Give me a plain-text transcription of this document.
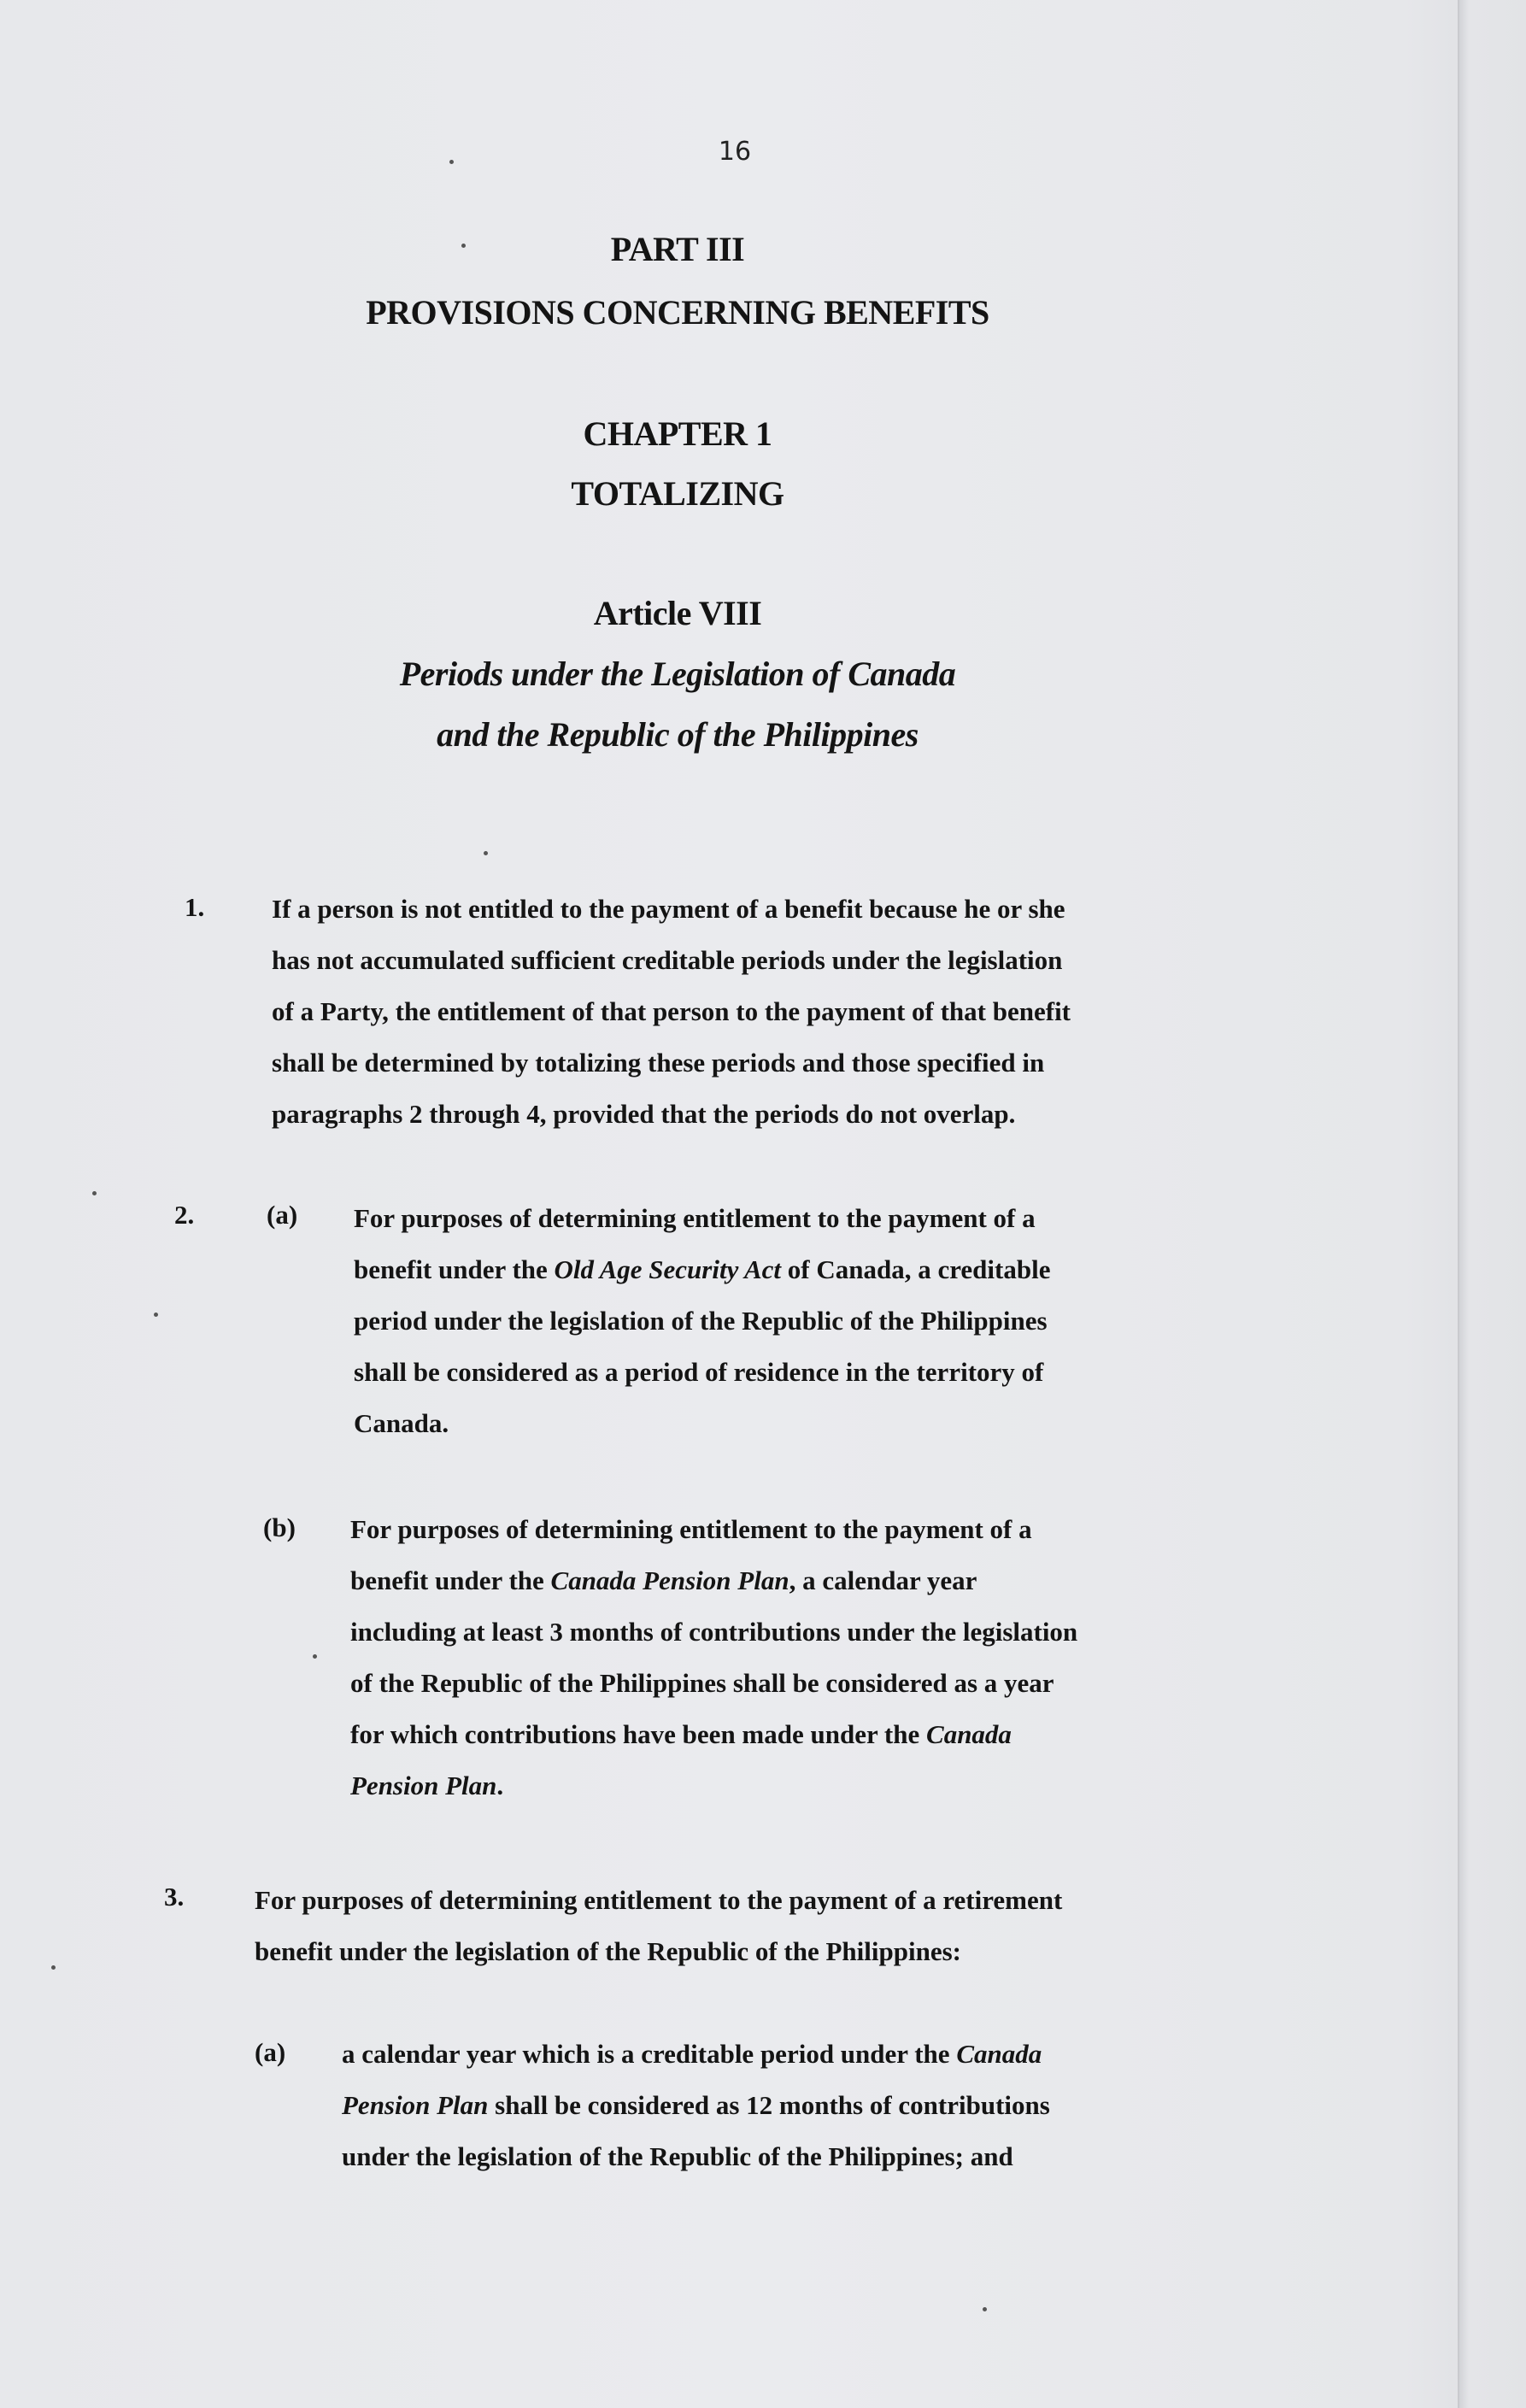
16
PART III
PROVISIONS CONCERNING BENEFITS
CHAPTER 1
TOTALIZING
Article VIII
Periods under the Legislation of Canada
and the Republic of the Philippines
1.	If a person is not entitled to the payment of a benefit because he or she
has not accumulated sufficient creditable periods under the legislation
of a Party, the entitlement of that person to the payment of that benefit
shall be determined by totalizing these periods and those specified in
paragraphs 2 through 4, provided that the periods do not overlap.
2.	(a) For purposes of determining entitlement to the payment of a
benefit under the Old Age Security Act of Canada, a creditable
period under the legislation of the Republic of the Philippines
shall be considered as a period of residence in the territory of
Canada.
(b) For purposes of determining entitlement to the payment of a
benefit under the Canada Pension Plan, a calendar year
including at least 3 months of contributions under the legislation
of the Republic of the Philippines shall be considered as a year
for which contributions have been made under the Canada
Pension Plan.
3.	For purposes of determining entitlement to the payment of a retirement
benefit under the legislation of the Republic of the Philippines:
(a) a calendar year which is a creditable period under the Canada
Pension Plan shall be considered as 12 months of contributions
under the legislation of the Republic of the Philippines; and
